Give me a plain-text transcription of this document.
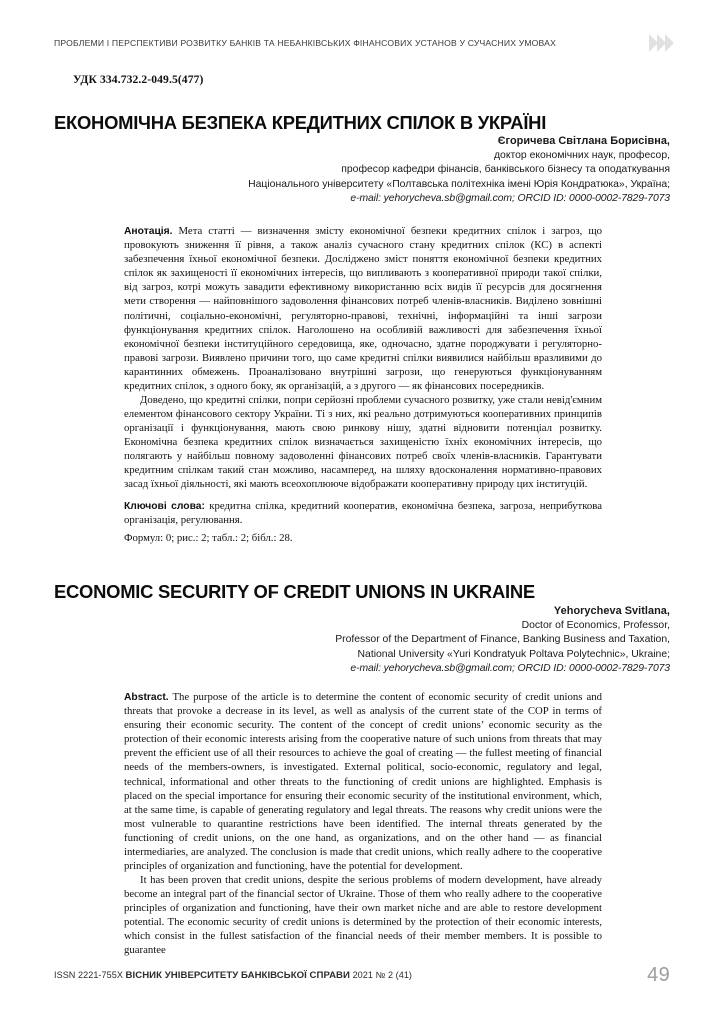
ПРОБЛЕМИ І ПЕРСПЕКТИВИ РОЗВИТКУ БАНКІВ ТА НЕБАНКІВСЬКИХ ФІНАНСОВИХ УСТАНОВ У СУЧАСНИХ УМОВАХ
УДК 334.732.2-049.5(477)
ЕКОНОМІЧНА БЕЗПЕКА КРЕДИТНИХ СПІЛОК В УКРАЇНІ
Єгоричева Світлана Борисівна,
доктор економічних наук, професор,
професор кафедри фінансів, банківського бізнесу та оподаткування
Національного університету «Полтавська політехніка імені Юрія Кондратюка», Україна;
e-mail: yehorycheva.sb@gmail.com; ORCID ID: 0000-0002-7829-7073

Анотація. Мета статті — визначення змісту економічної безпеки кредитних спілок і загроз, що провокують зниження її рівня, а також аналіз сучасного стану кредитних спілок (КС) в аспекті забезпечення їхньої економічної безпеки. Досліджено зміст поняття економічної безпеки кредитних спілок як захищеності її економічних інтересів, що випливають з кооперативної природи такої спілки, від загроз, котрі можуть завадити ефективному використанню всіх видів її ресурсів для досягнення мети створення — найповнішого задоволення фінансових потреб членів-власників. Виділено зовнішні політичні, соціально-економічні, регуляторно-правові, технічні, інформаційні та інші загрози функціонування кредитних спілок. Наголошено на особливій важливості для забезпечення їхньої економічної безпеки інституційного середовища, яке, одночасно, здатне породжувати і регуляторно-правові загрози. Виявлено причини того, що саме кредитні спілки виявилися найбільш вразливими до карантинних обмежень. Проаналізовано внутрішні загрози, що генеруються функціонуванням кредитних спілок, з одного боку, як організацій, а з другого — як фінансових посередників.

Доведено, що кредитні спілки, попри серйозні проблеми сучасного розвитку, уже стали невід'ємним елементом фінансового сектору України. Ті з них, які реально дотримуються кооперативних принципів організації і функціонування, мають свою ринкову нішу, здатні відновити потенціал розвитку. Економічна безпека кредитних спілок визначається захищеністю їхніх економічних інтересів, що полягають у найбільш повному задоволенні фінансових потреб своїх членів-власників. Гарантувати кредитним спілкам такий стан можливо, насамперед, на шляху вдосконалення нормативно-правових засад їхньої діяльності, які мають всеохоплююче відображати кооперативну природу цих інституцій.

Ключові слова: кредитна спілка, кредитний кооператив, економічна безпека, загроза, неприбуткова організація, регулювання.
Формул: 0; рис.: 2; табл.: 2; бібл.: 28.
ECONOMIC SECURITY OF CREDIT UNIONS IN UKRAINE
Yehorycheva Svitlana,
Doctor of Economics, Professor,
Professor of the Department of Finance, Banking Business and Taxation,
National University «Yuri Kondratyuk Poltava Polytechnic», Ukraine;
e-mail: yehorycheva.sb@gmail.com; ORCID ID: 0000-0002-7829-7073

Abstract. The purpose of the article is to determine the content of economic security of credit unions and threats that provoke a decrease in its level, as well as analysis of the current state of the COP in terms of ensuring their economic security. The content of the concept of credit unions’ economic security as the protection of their economic interests arising from the cooperative nature of such unions from threats that may prevent the efficient use of all their resources to achieve the goal of creating — the fullest meeting of financial needs of the members-owners, is investigated. External political, socio-economic, regulatory and legal, technical, informational and other threats to the functioning of credit unions are highlighted. Emphasis is placed on the special importance for ensuring their economic security of the institutional environment, which, at the same time, is capable of generating regulatory and legal threats. The reasons why credit unions were the most vulnerable to quarantine restrictions have been identified. The internal threats generated by the functioning of credit unions, on the one hand, as organizations, and on the other hand — as financial intermediaries, are analyzed. The conclusion is made that credit unions, which really adhere to the cooperative principles of organization and functioning, have the potential for development.

It has been proven that credit unions, despite the serious problems of modern development, have already become an integral part of the financial sector of Ukraine. Those of them who really adhere to the cooperative principles of organization and functioning, have their own market niche and are able to restore development potential. The economic security of credit unions is determined by the protection of their economic interests, which consist in the fullest satisfaction of the financial needs of their member members. It is possible to guarantee

ISSN 2221-755X ВІСНИК УНІВЕРСИТЕТУ БАНКІВСЬКОЇ СПРАВИ 2021 № 2 (41)	49
